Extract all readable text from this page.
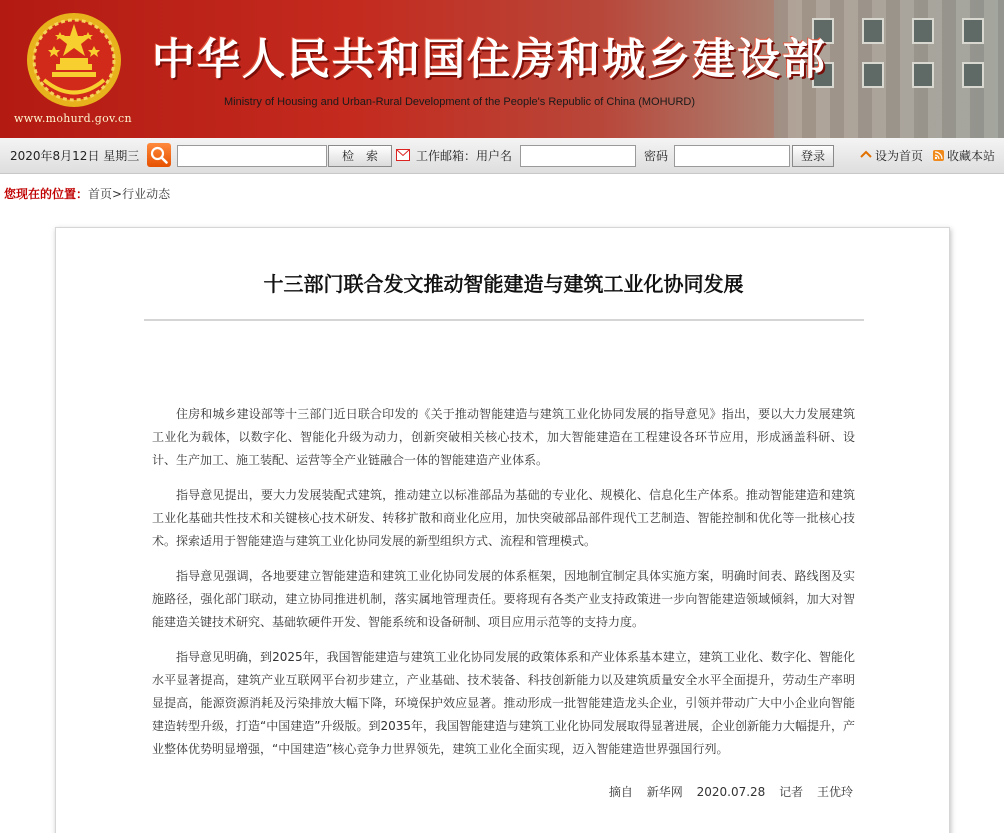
www.mohurd.gov.cn
中华人民共和国住房和城乡建设部
Ministry of Housing and Urban-Rural Development of the People's Republic of China (MOHURD)
2020年8月12日 星期三	检　索	工作邮箱：用户名	密码	登录	设为首页 收藏本站
您现在的位置：首页>行业动态
十三部门联合发文推动智能建造与建筑工业化协同发展

住房和城乡建设部等十三部门近日联合印发的《关于推动智能建造与建筑工业化协同发展的指导意见》指出，要以大力发展建筑工业化为载体，以数字化、智能化升级为动力，创新突破相关核心技术，加大智能建造在工程建设各环节应用，形成涵盖科研、设计、生产加工、施工装配、运营等全产业链融合一体的智能建造产业体系。

指导意见提出，要大力发展装配式建筑，推动建立以标准部品为基础的专业化、规模化、信息化生产体系。推动智能建造和建筑工业化基础共性技术和关键核心技术研发、转移扩散和商业化应用，加快突破部品部件现代工艺制造、智能控制和优化等一批核心技术。探索适用于智能建造与建筑工业化协同发展的新型组织方式、流程和管理模式。

指导意见强调，各地要建立智能建造和建筑工业化协同发展的体系框架，因地制宜制定具体实施方案，明确时间表、路线图及实施路径，强化部门联动，建立协同推进机制，落实属地管理责任。要将现有各类产业支持政策进一步向智能建造领域倾斜，加大对智能建造关键技术研究、基础软硬件开发、智能系统和设备研制、项目应用示范等的支持力度。

指导意见明确，到2025年，我国智能建造与建筑工业化协同发展的政策体系和产业体系基本建立，建筑工业化、数字化、智能化水平显著提高，建筑产业互联网平台初步建立，产业基础、技术装备、科技创新能力以及建筑质量安全水平全面提升，劳动生产率明显提高，能源资源消耗及污染排放大幅下降，环境保护效应显著。推动形成一批智能建造龙头企业，引领并带动广大中小企业向智能建造转型升级，打造“中国建造”升级版。到2035年，我国智能建造与建筑工业化协同发展取得显著进展，企业创新能力大幅提升，产业整体优势明显增强，“中国建造”核心竞争力世界领先，建筑工业化全面实现，迈入智能建造世界强国行列。

摘自 新华网 2020.07.28 记者 王优玲
